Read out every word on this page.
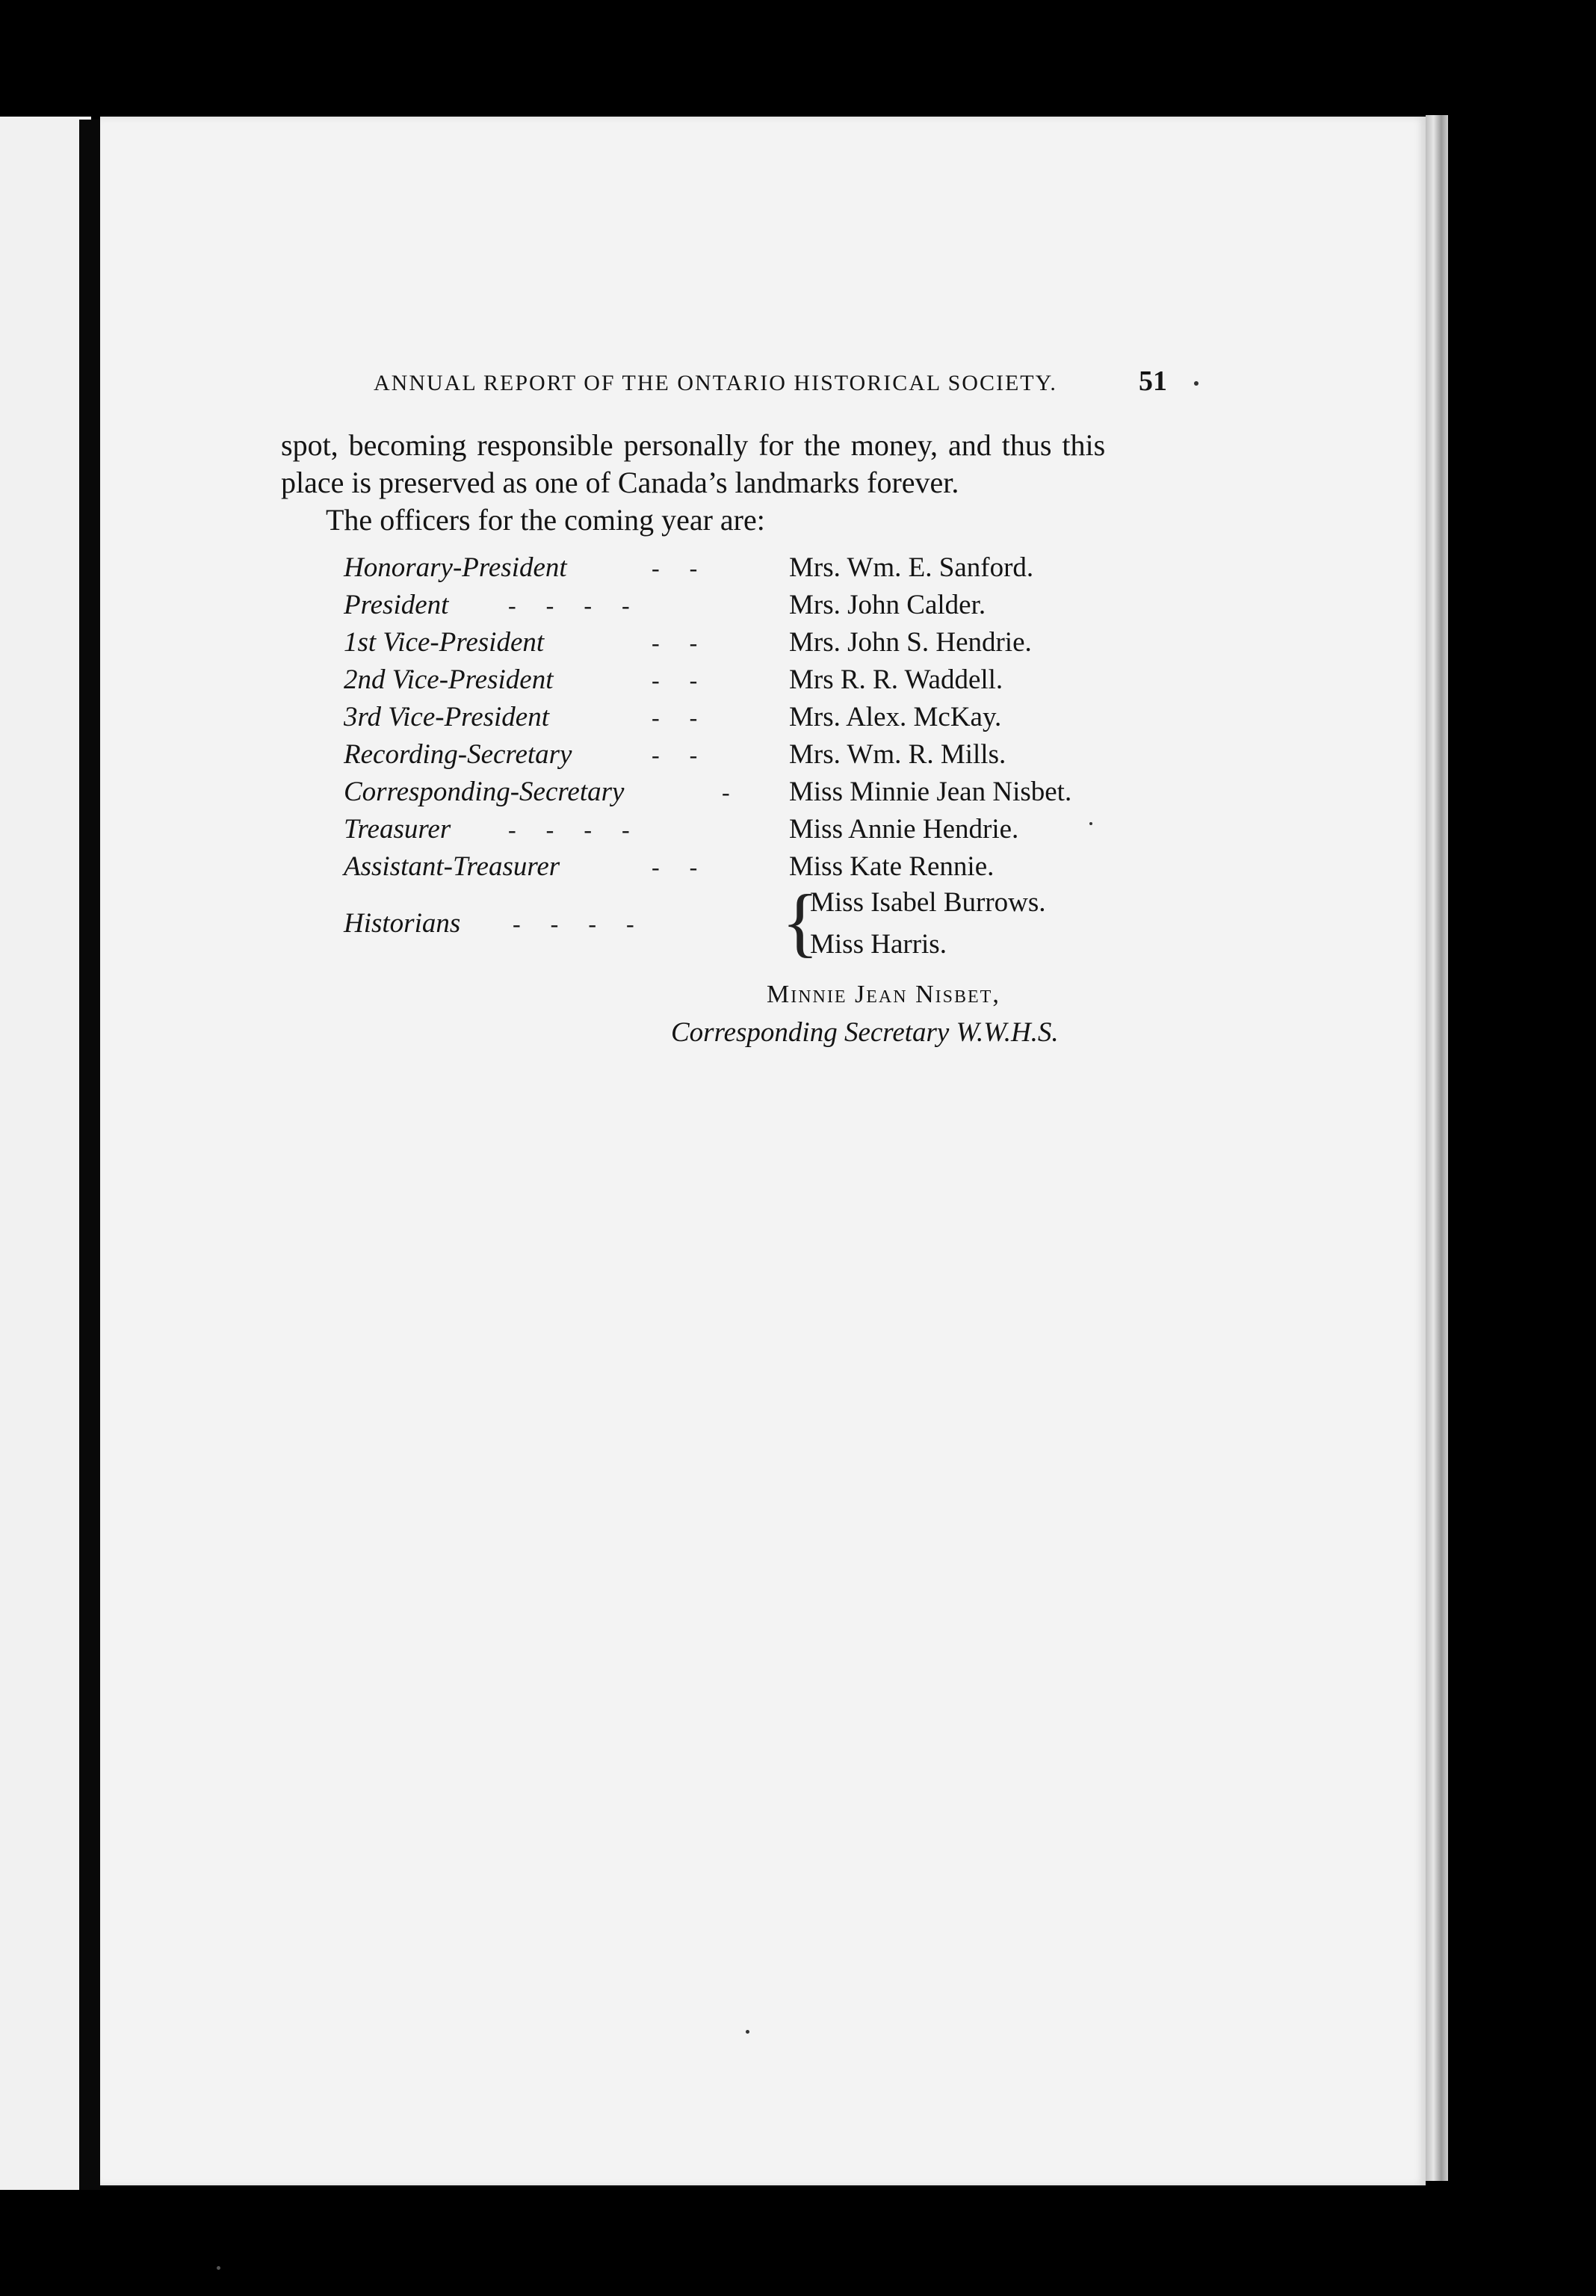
ANNUAL REPORT OF THE ONTARIO HISTORICAL SOCIETY.	51
spot, becoming responsible personally for the money, and thus this
place is preserved as one of Canada’s landmarks forever.
The officers for the coming year are:
Honorary-President	-     -	Mrs. Wm. E. Sanford.
President -     -     -     -	Mrs. John Calder.
1st Vice-President	-     -	Mrs. John S. Hendrie.
2nd Vice-President	-     -	Mrs R. R. Waddell.
3rd Vice-President	-     -	Mrs. Alex. McKay.
Recording-Secretary	-     -	Mrs. Wm. R. Mills.
Corresponding-Secretary	- Miss Minnie Jean Nisbet.
Treasurer -     -     -     -	Miss Annie Hendrie.
Assistant-Treasurer	-     -	Miss Kate Rennie.
Historians -     -     -     - {
Miss Isabel Burrows.
Miss Harris.
Minnie Jean Nisbet,
Corresponding Secretary W.W.H.S.
